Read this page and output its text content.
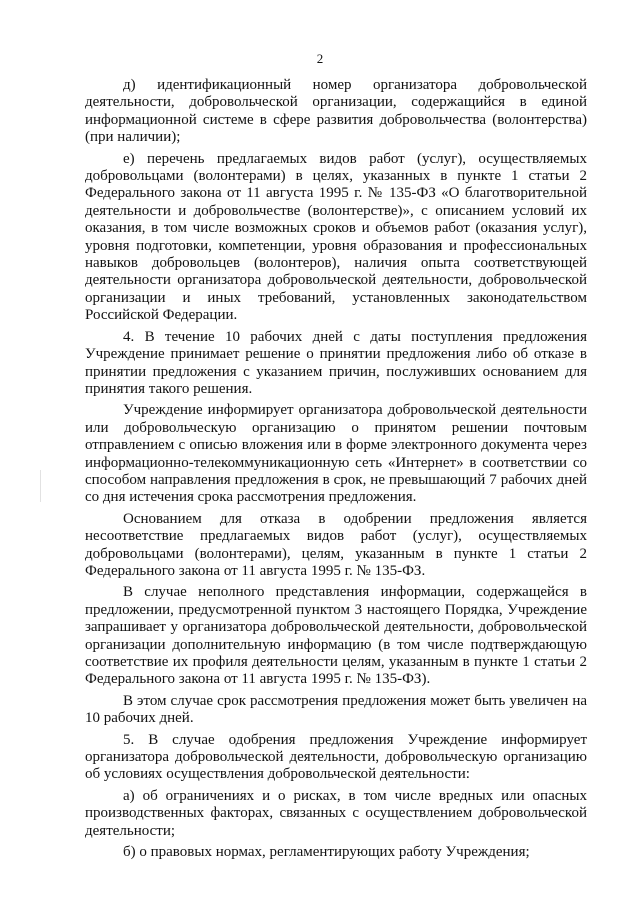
2

д) идентификационный номер организатора добровольческой деятельности, добровольческой организации, содержащийся в единой информационной системе в сфере развития добровольчества (волонтерства) (при наличии);

е) перечень предлагаемых видов работ (услуг), осуществляемых добровольцами (волонтерами) в целях, указанных в пункте 1 статьи 2 Федерального закона от 11 августа 1995 г. № 135-ФЗ «О благотворительной деятельности и добровольчестве (волонтерстве)», с описанием условий их оказания, в том числе возможных сроков и объемов работ (оказания услуг), уровня подготовки, компетенции, уровня образования и профессиональных навыков добровольцев (волонтеров), наличия опыта соответствующей деятельности организатора добровольческой деятельности, добровольческой организации и иных требований, установленных законодательством Российской Федерации.

4. В течение 10 рабочих дней с даты поступления предложения Учреждение принимает решение о принятии предложения либо об отказе в принятии предложения с указанием причин, послуживших основанием для принятия такого решения.

Учреждение информирует организатора добровольческой деятельности или добровольческую организацию о принятом решении почтовым отправлением с описью вложения или в форме электронного документа через информационно-телекоммуникационную сеть «Интернет» в соответствии со способом направления предложения в срок, не превышающий 7 рабочих дней со дня истечения срока рассмотрения предложения.

Основанием для отказа в одобрении предложения является несоответствие предлагаемых видов работ (услуг), осуществляемых добровольцами (волонтерами), целям, указанным в пункте 1 статьи 2 Федерального закона от 11 августа 1995 г. № 135-ФЗ.

В случае неполного представления информации, содержащейся в предложении, предусмотренной пунктом 3 настоящего Порядка, Учреждение запрашивает у организатора добровольческой деятельности, добровольческой организации дополнительную информацию (в том числе подтверждающую соответствие их профиля деятельности целям, указанным в пункте 1 статьи 2 Федерального закона от 11 августа 1995 г. № 135-ФЗ).

В этом случае срок рассмотрения предложения может быть увеличен на 10 рабочих дней.

5. В случае одобрения предложения Учреждение информирует организатора добровольческой деятельности, добровольческую организацию об условиях осуществления добровольческой деятельности:

а) об ограничениях и о рисках, в том числе вредных или опасных производственных факторах, связанных с осуществлением добровольческой деятельности;

б) о правовых нормах, регламентирующих работу Учреждения;
